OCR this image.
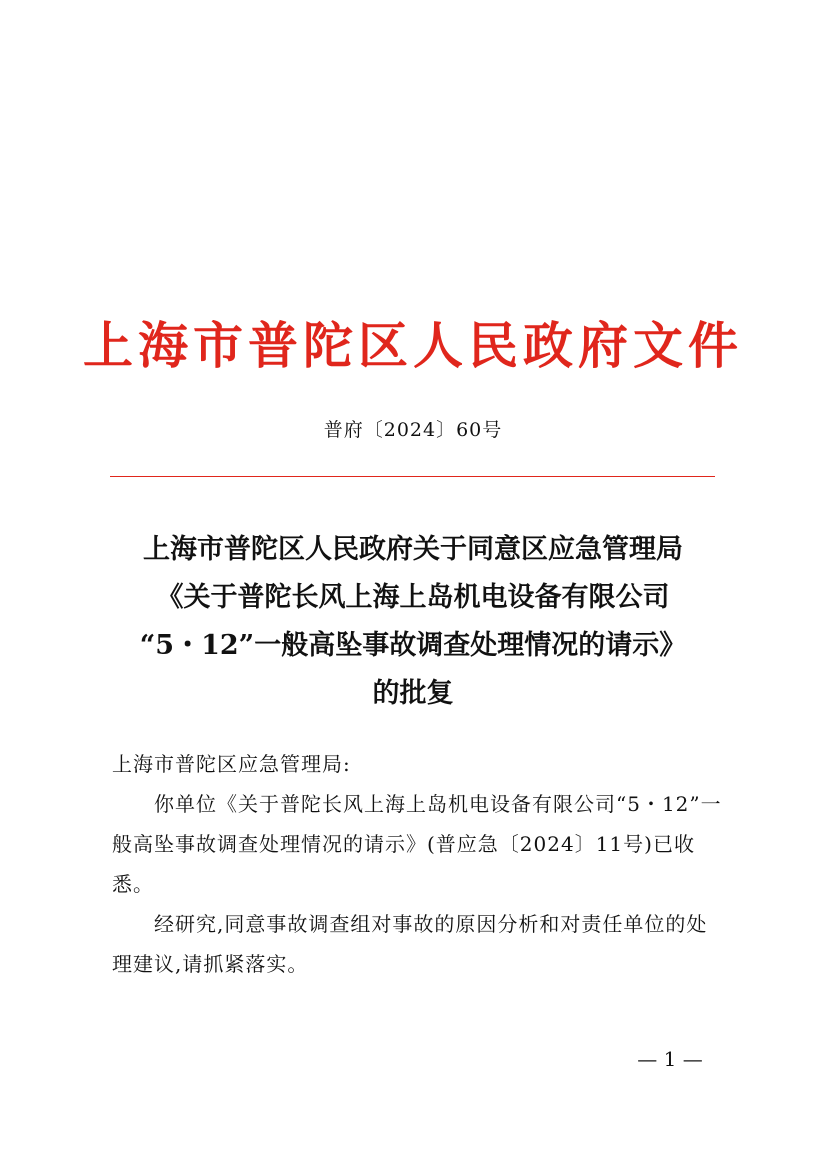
上海市普陀区人民政府文件
普府〔2024〕60号
上海市普陀区人民政府关于同意区应急管理局
《关于普陀长风上海上岛机电设备有限公司
“5・12”一般高坠事故调查处理情况的请示》
的批复

上海市普陀区应急管理局:

你单位《关于普陀长风上海上岛机电设备有限公司“5・12”一般高坠事故调查处理情况的请示》(普应急〔2024〕11号)已收悉。

经研究,同意事故调查组对事故的原因分析和对责任单位的处理建议,请抓紧落实。

— 1 —
